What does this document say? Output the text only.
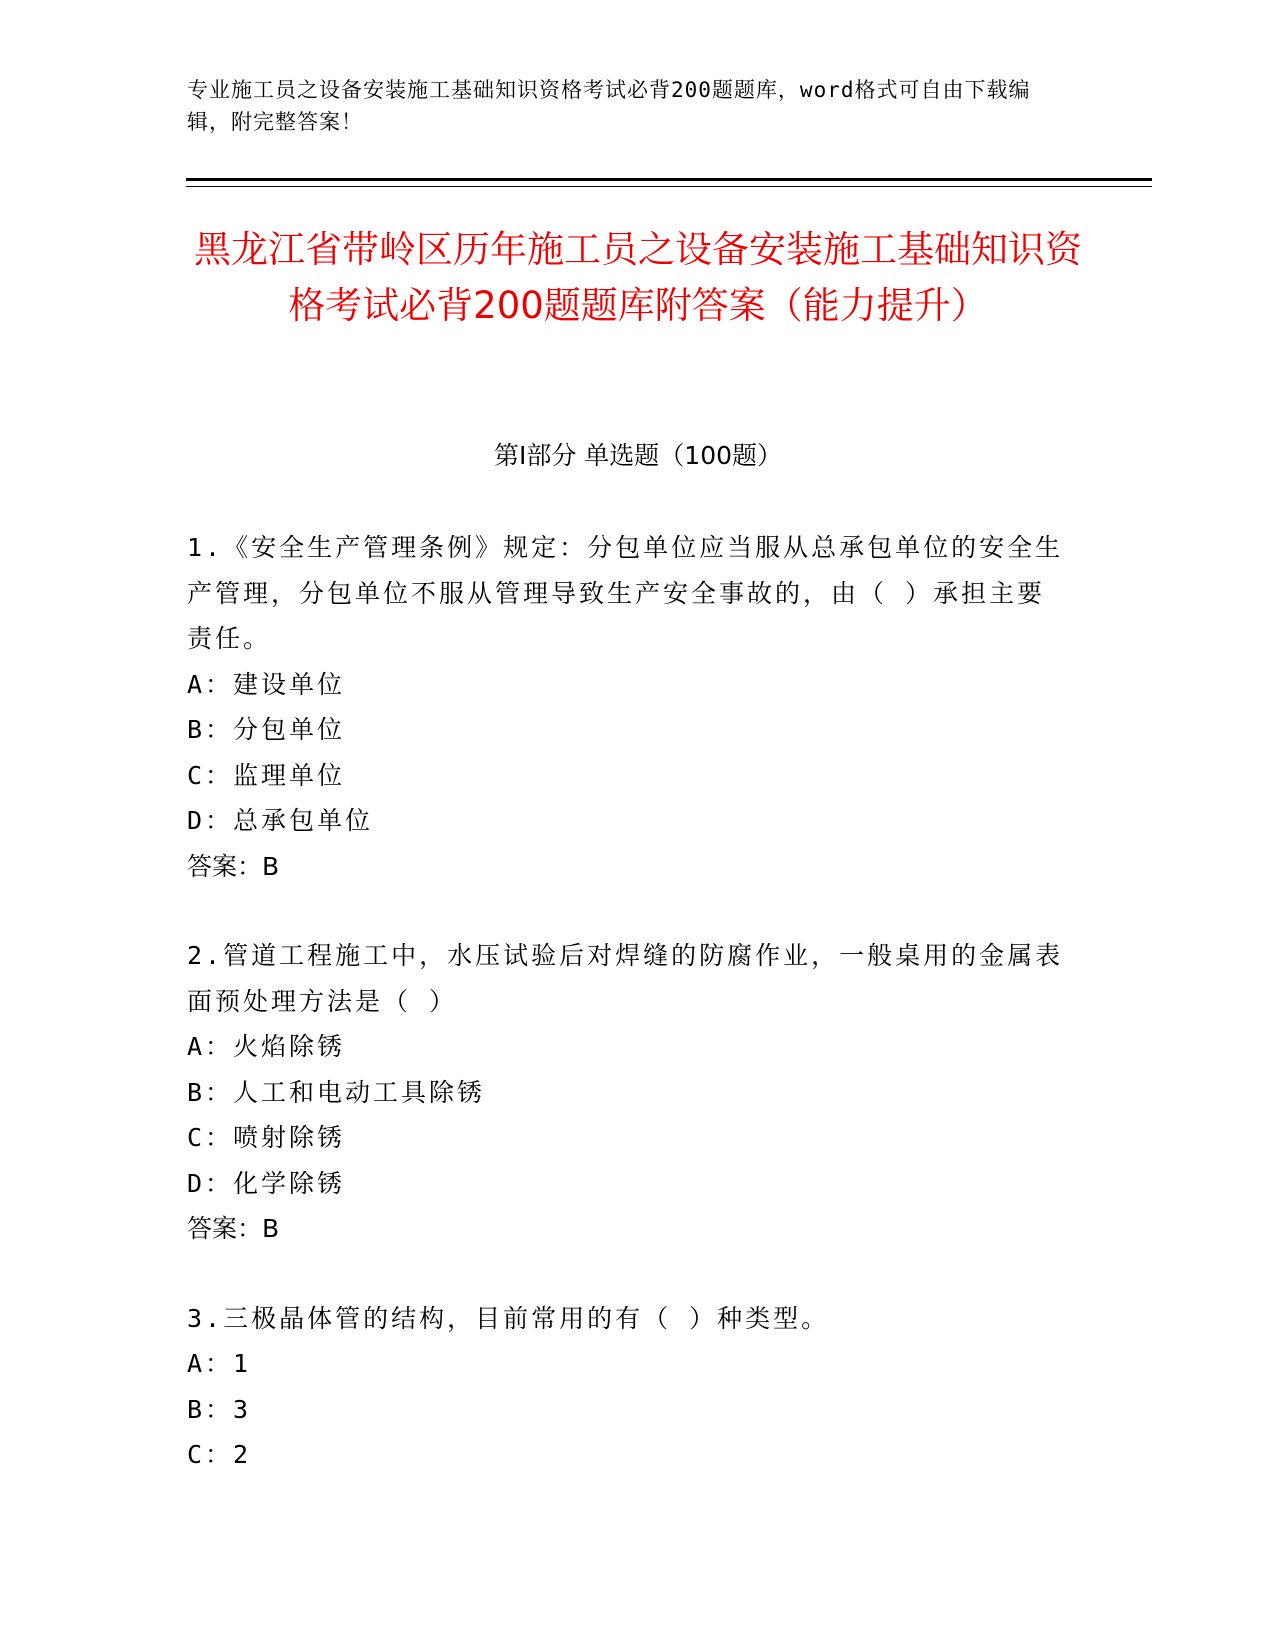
专业施工员之设备安装施工基础知识资格考试必背200题题库，word格式可自由下载编辑，附完整答案！
黑龙江省带岭区历年施工员之设备安装施工基础知识资格考试必背200题题库附答案（能力提升）
第I部分 单选题（100题）
1.《安全生产管理条例》规定：分包单位应当服从总承包单位的安全生产管理，分包单位不服从管理导致生产安全事故的，由（ ）承担主要责任。
A：建设单位
B：分包单位
C：监理单位
D：总承包单位
答案：B
2.管道工程施工中，水压试验后对焊缝的防腐作业，一般桌用的金属表面预处理方法是（ ）
A：火焰除锈
B：人工和电动工具除锈
C：喷射除锈
D：化学除锈
答案：B
3.三极晶体管的结构，目前常用的有（ ）种类型。
A：1
B：3
C：2
